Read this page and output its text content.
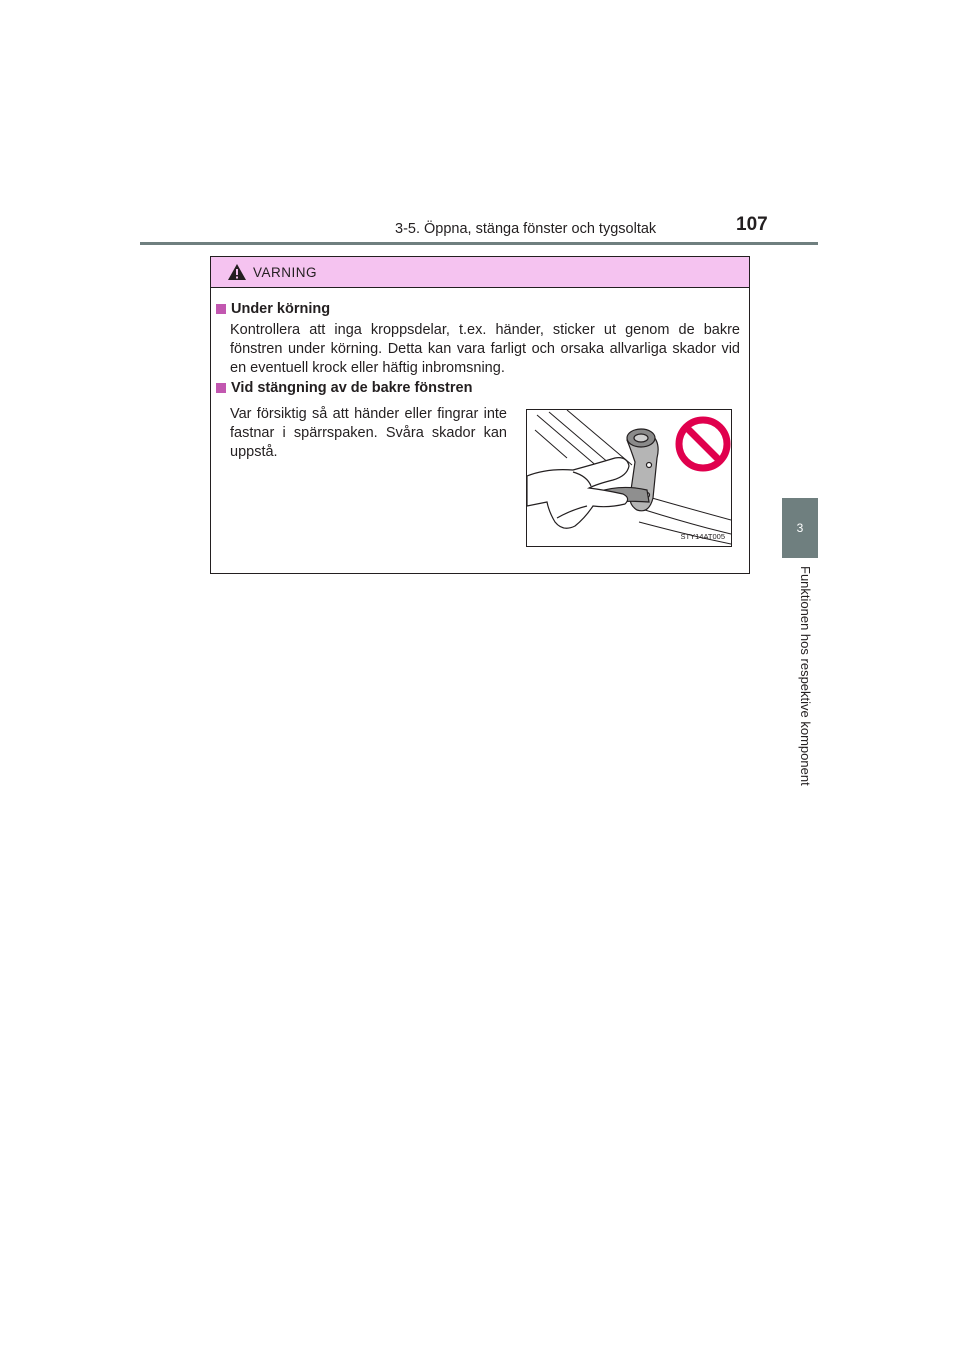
3-5. Öppna, stänga fönster och tygsoltak	107
3
Funktionen hos respektive komponent
VARNING
Under körning
Kontrollera att inga kroppsdelar, t.ex. händer, sticker ut genom de bakre fönstren under körning. Detta kan vara farligt och orsaka allvarliga skador vid en eventuell krock eller häftig inbromsning.
Vid stängning av de bakre fönstren
Var försiktig så att händer eller fingrar inte fastnar i spärrspaken. Svåra skador kan uppstå.
STY14AT005
